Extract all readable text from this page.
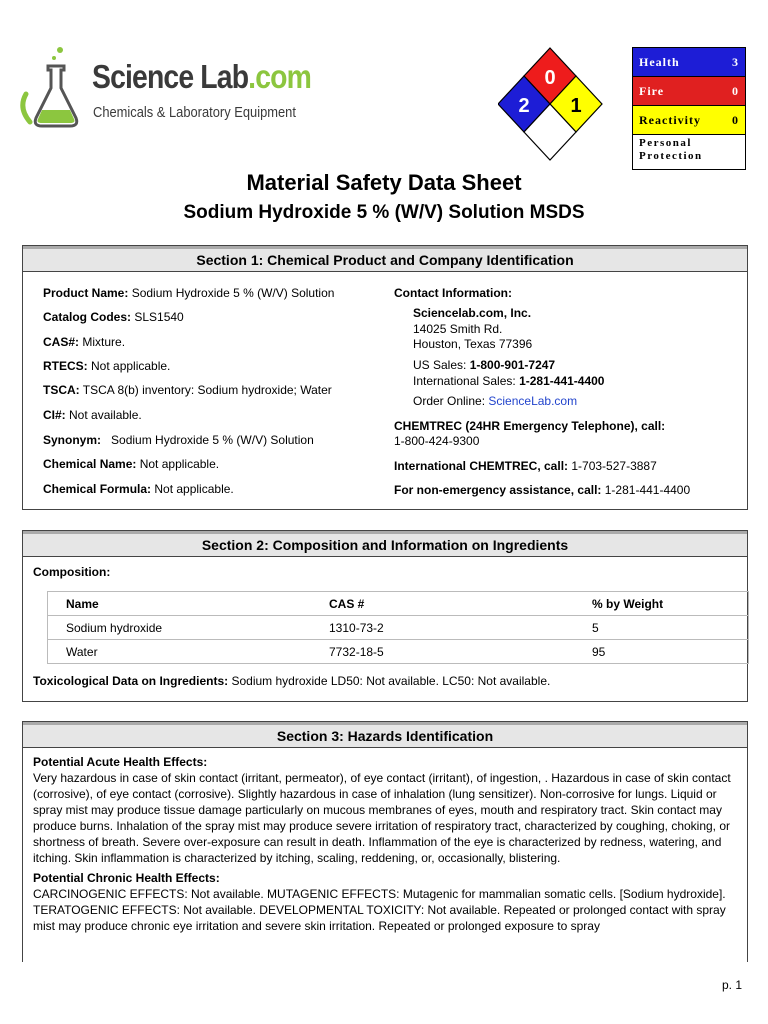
Science Lab.com
Chemicals & Laboratory Equipment
0
2 1
Health	3
Fire	0
Reactivity	0
Personal
Protection
Material Safety Data Sheet
Sodium Hydroxide 5 % (W/V) Solution MSDS
Section 1: Chemical Product and Company Identification
Product Name: Sodium Hydroxide 5 % (W/V) Solution
Catalog Codes: SLS1540
CAS#: Mixture.
RTECS: Not applicable.
TSCA: TSCA 8(b) inventory: Sodium hydroxide; Water
CI#: Not available.
Synonym:   Sodium Hydroxide 5 % (W/V) Solution
Chemical Name: Not applicable.
Chemical Formula: Not applicable.
Contact Information:
Sciencelab.com, Inc.
14025 Smith Rd.
Houston, Texas 77396
US Sales: 1-800-901-7247
International Sales: 1-281-441-4400
Order Online: ScienceLab.com
CHEMTREC (24HR Emergency Telephone), call:
1-800-424-9300
International CHEMTREC, call: 1-703-527-3887
For non-emergency assistance, call: 1-281-441-4400
Section 2: Composition and Information on Ingredients
Composition:
Name	CAS #	% by Weight
Sodium hydroxide	1310-73-2	5
Water	7732-18-5	95
Toxicological Data on Ingredients: Sodium hydroxide LD50: Not available. LC50: Not available.
Section 3: Hazards Identification
Potential Acute Health Effects:
Very hazardous in case of skin contact (irritant, permeator), of eye contact (irritant), of ingestion, . Hazardous in case of skin contact (corrosive), of eye contact (corrosive). Slightly hazardous in case of inhalation (lung sensitizer). Non-corrosive for lungs. Liquid or spray mist may produce tissue damage particularly on mucous membranes of eyes, mouth and respiratory tract. Skin contact may produce burns. Inhalation of the spray mist may produce severe irritation of respiratory tract, characterized by coughing, choking, or shortness of breath. Severe over-exposure can result in death. Inflammation of the eye is characterized by redness, watering, and itching. Skin inflammation is characterized by itching, scaling, reddening, or, occasionally, blistering.
Potential Chronic Health Effects:
CARCINOGENIC EFFECTS: Not available. MUTAGENIC EFFECTS: Mutagenic for mammalian somatic cells. [Sodium hydroxide]. TERATOGENIC EFFECTS: Not available. DEVELOPMENTAL TOXICITY: Not available. Repeated or prolonged contact with spray mist may produce chronic eye irritation and severe skin irritation. Repeated or prolonged exposure to spray
p. 1
